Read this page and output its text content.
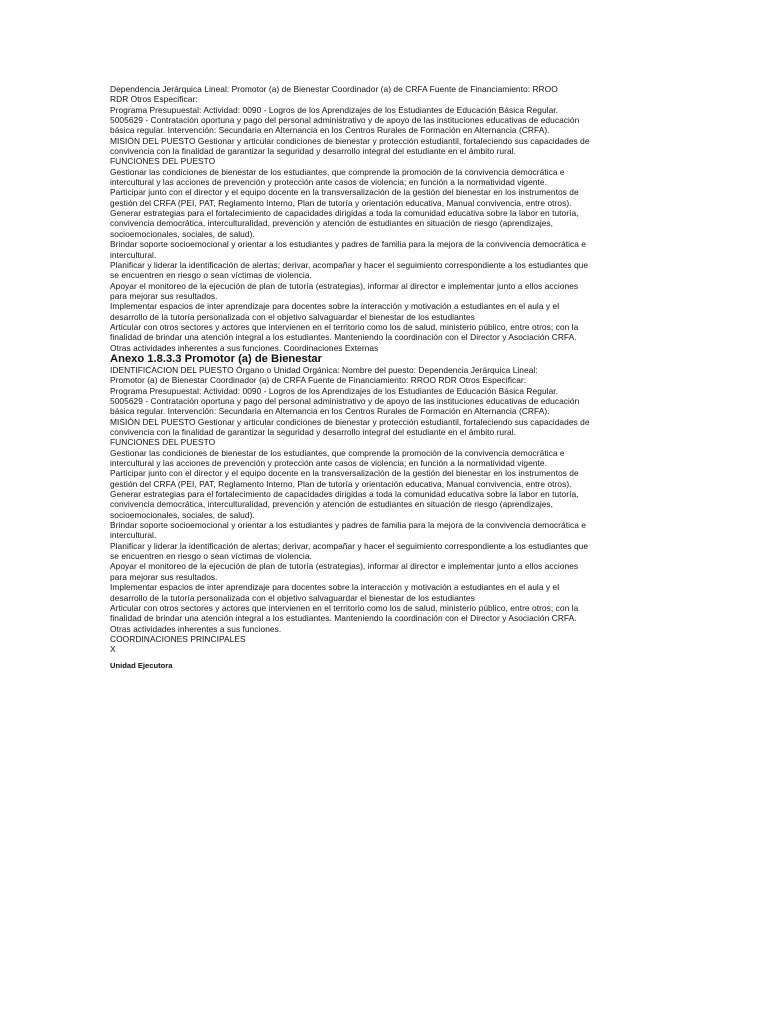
Dependencia Jerárquica Lineal: Promotor (a) de Bienestar Coordinador (a) de CRFA Fuente de Financiamiento: RROO
RDR Otros Especificar:
Programa Presupuestal: Actividad: 0090 - Logros de los Aprendizajes de los Estudiantes de Educación Básica Regular.
5005629 - Contratación oportuna y pago del personal administrativo y de apoyo de las instituciones educativas de educación
básica regular. Intervención: Secundaria en Alternancia en los Centros Rurales de Formación en Alternancia (CRFA).
MISIÓN DEL PUESTO Gestionar y articular condiciones de bienestar y protección estudiantil, fortaleciendo sus capacidades de
convivencia con la finalidad de garantizar la seguridad y desarrollo integral del estudiante en el ámbito rural.
FUNCIONES DEL PUESTO
Gestionar las condiciones de bienestar de los estudiantes, que comprende la promoción de la convivencia democrática e
intercultural y las acciones de prevención y protección ante casos de violencia; en función a la normatividad vigente.
Participar junto con el director y el equipo docente en la transversalización de la gestión del bienestar en los instrumentos de
gestión del CRFA (PEI, PAT, Reglamento Interno, Plan de tutoría y orientación educativa, Manual convivencia, entre otros).
Generar estrategias para el fortalecimiento de capacidades dirigidas a toda la comunidad educativa sobre la labor en tutoría,
convivencia democrática, interculturalidad, prevención y atención de estudiantes en situación de riesgo (aprendizajes,
socioemocionales, sociales, de salud).
Brindar soporte socioemocional y orientar a los estudiantes y padres de familia para la mejora de la convivencia democrática e
intercultural.
Planificar y liderar la identificación de alertas; derivar, acompañar y hacer el seguimiento correspondiente a los estudiantes que
se encuentren en riesgo o sean víctimas de violencia.
Apoyar el monitoreo de la ejecución de plan de tutoría (estrategias), informar al director e implementar junto a ellos acciones
para mejorar sus resultados.
Implementar espacios de inter aprendizaje para docentes sobre la interacción y motivación a estudiantes en el aula y el
desarrollo de la tutoría personalizada con el objetivo salvaguardar el bienestar de los estudiantes
Articular con otros sectores y actores que intervienen en el territorio como los de salud, ministerio público, entre otros; con la
finalidad de brindar una atención integral a los estudiantes. Manteniendo la coordinación con el Director y Asociación CRFA.
Otras actividades inherentes a sus funciones. Coordinaciones Externas
Anexo 1.8.3.3 Promotor (a) de Bienestar
IDENTIFICACION DEL PUESTO Órgano o Unidad Orgánica: Nombre del puesto: Dependencia Jerárquica Lineal:
Promotor (a) de Bienestar Coordinador (a) de CRFA Fuente de Financiamiento: RROO RDR Otros Especificar:
Programa Presupuestal: Actividad: 0090 - Logros de los Aprendizajes de los Estudiantes de Educación Básica Regular.
5005629 - Contratación oportuna y pago del personal administrativo y de apoyo de las instituciones educativas de educación
básica regular. Intervención: Secundaria en Alternancia en los Centros Rurales de Formación en Alternancia (CRFA).
MISIÓN DEL PUESTO Gestionar y articular condiciones de bienestar y protección estudiantil, fortaleciendo sus capacidades de
convivencia con la finalidad de garantizar la seguridad y desarrollo integral del estudiante en el ámbito rural.
FUNCIONES DEL PUESTO
Gestionar las condiciones de bienestar de los estudiantes, que comprende la promoción de la convivencia democrática e
intercultural y las acciones de prevención y protección ante casos de violencia; en función a la normatividad vigente.
Participar junto con el director y el equipo docente en la transversalización de la gestión del bienestar en los instrumentos de
gestión del CRFA (PEI, PAT, Reglamento Interno, Plan de tutoría y orientación educativa, Manual convivencia, entre otros).
Generar estrategias para el fortalecimiento de capacidades dirigidas a toda la comunidad educativa sobre la labor en tutoría,
convivencia democrática, interculturalidad, prevención y atención de estudiantes en situación de riesgo (aprendizajes,
socioemocionales, sociales, de salud).
Brindar soporte socioemocional y orientar a los estudiantes y padres de familia para la mejora de la convivencia democrática e
intercultural.
Planificar y liderar la identificación de alertas; derivar, acompañar y hacer el seguimiento correspondiente a los estudiantes que
se encuentren en riesgo o sean víctimas de violencia.
Apoyar el monitoreo de la ejecución de plan de tutoría (estrategias), informar al director e implementar junto a ellos acciones
para mejorar sus resultados.
Implementar espacios de inter aprendizaje para docentes sobre la interacción y motivación a estudiantes en el aula y el
desarrollo de la tutoría personalizada con el objetivo salvaguardar el bienestar de los estudiantes
Articular con otros sectores y actores que intervienen en el territorio como los de salud, ministerio público, entre otros; con la
finalidad de brindar una atención integral a los estudiantes. Manteniendo la coordinación con el Director y Asociación CRFA.
Otras actividades inherentes a sus funciones.
COORDINACIONES PRINCIPALES
X
Unidad Ejecutora
